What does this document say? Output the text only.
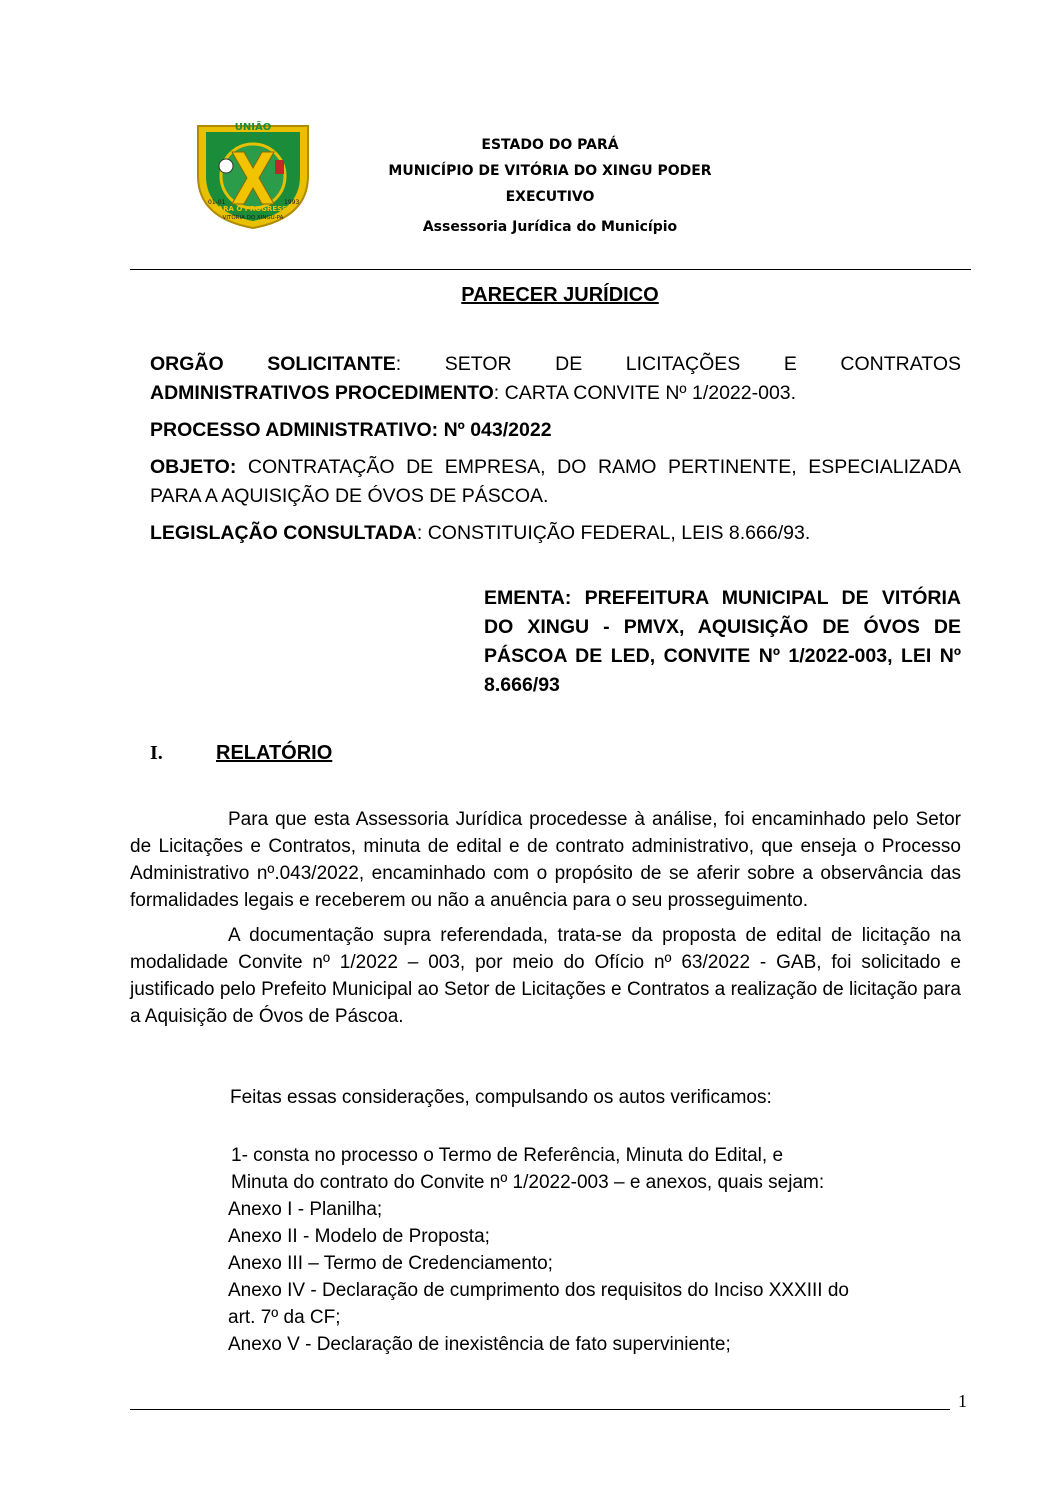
UNIÃO
VITÓRIA DO XINGU-PA
PARA O PROGRESSO
01-01	1993
ESTADO DO PARÁ
MUNICÍPIO DE VITÓRIA DO XINGU PODER
EXECUTIVO
Assessoria Jurídica do Município
PARECER JURÍDICO
ORGÃO SOLICITANTE: SETOR DE LICITAÇÕES E CONTRATOS
ADMINISTRATIVOS PROCEDIMENTO: CARTA CONVITE Nº 1/2022-003.
PROCESSO ADMINISTRATIVO: Nº 043/2022
OBJETO: CONTRATAÇÃO DE EMPRESA, DO RAMO PERTINENTE, ESPECIALIZADA PARA A AQUISIÇÃO DE ÓVOS DE PÁSCOA.
LEGISLAÇÃO CONSULTADA: CONSTITUIÇÃO FEDERAL, LEIS 8.666/93.
EMENTA: PREFEITURA MUNICIPAL DE VITÓRIA DO XINGU - PMVX, AQUISIÇÃO DE ÓVOS DE PÁSCOA DE LED, CONVITE Nº 1/2022-003, LEI Nº 8.666/93
I.	RELATÓRIO
Para que esta Assessoria Jurídica procedesse à análise, foi encaminhado pelo Setor de Licitações e Contratos, minuta de edital e de contrato administrativo, que enseja o Processo Administrativo nº.043/2022, encaminhado com o propósito de se aferir sobre a observância das formalidades legais e receberem ou não a anuência para o seu prosseguimento.
A documentação supra referendada, trata-se da proposta de edital de licitação na modalidade Convite nº 1/2022 – 003, por meio do Ofício nº 63/2022 - GAB, foi solicitado e justificado pelo Prefeito Municipal ao Setor de Licitações e Contratos a realização de licitação para a Aquisição de Óvos de Páscoa.
Feitas essas considerações, compulsando os autos verificamos:
1- consta no processo o Termo de Referência, Minuta do Edital, e
Minuta do contrato do Convite nº 1/2022-003 – e anexos, quais sejam:
Anexo I - Planilha;
Anexo II - Modelo de Proposta;
Anexo III – Termo de Credenciamento;
Anexo IV - Declaração de cumprimento dos requisitos do Inciso XXXIII do
art. 7º da CF;
Anexo V - Declaração de inexistência de fato superviniente;
1
